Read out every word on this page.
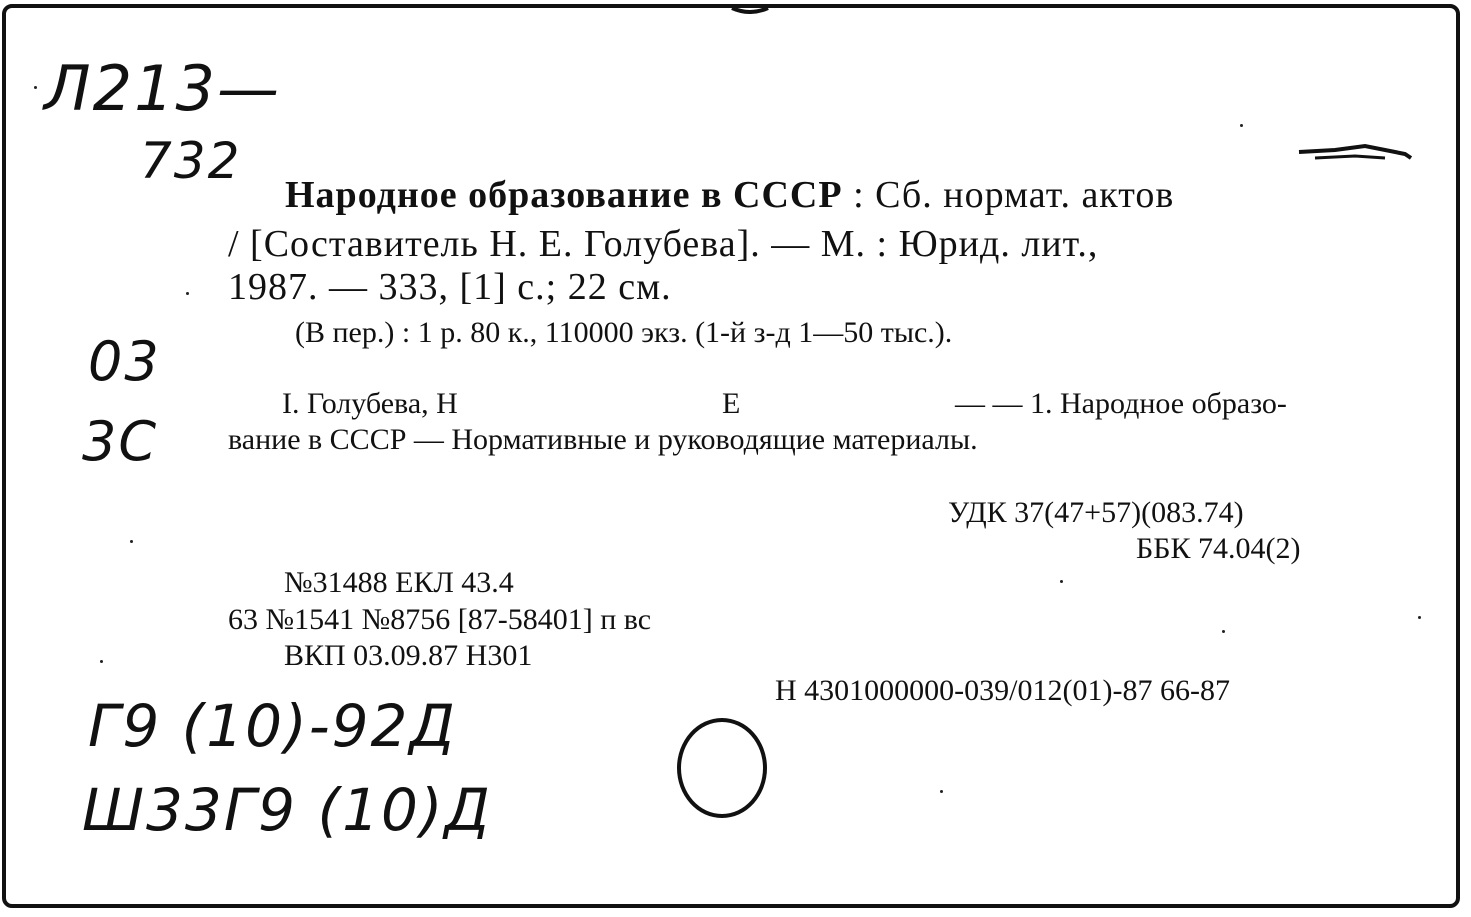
Л213—
732
03
3С
Г9 (10)-92Д
Ш33Г9 (10)Д
Народное образование в СССР : Сб. нормат. актов
/ [Составитель Н. Е. Голубева]. — М. : Юрид. лит.,
1987. — 333, [1] с.; 22 см.
(В пер.) : 1 р. 80 к., 110000 экз. (1-й з-д 1—50 тыс.).
I. Голубева, Н	Е	— — 1. Народное образо-
вание в СССР — Нормативные и руководящие материалы.
УДК 37(47+57)(083.74)
ББК 74.04(2)
№31488 ЕКЛ 43.4
63 №1541 №8756 [87-58401] п вс
ВКП 03.09.87 Н301
Н 4301000000-039/012(01)-87 66-87
